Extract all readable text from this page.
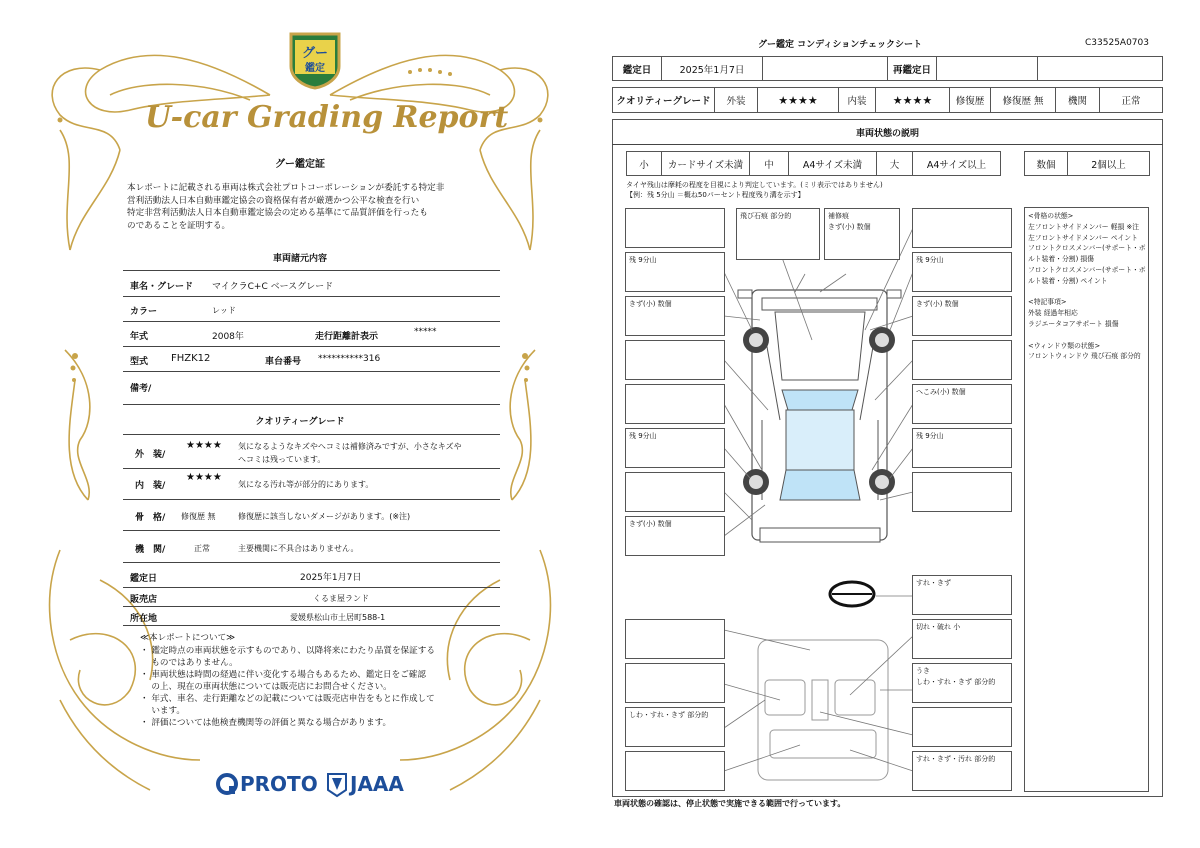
グー
鑑定
U-car Grading Report
グー鑑定証
本レポートに記載される車両は株式会社プロトコーポレーションが委託する特定非
営利活動法人日本自動車鑑定協会の資格保有者が厳選かつ公平な検査を行い
特定非営利活動法人日本自動車鑑定協会の定める基準にて品質評価を行ったも
のであることを証明する。
車両諸元内容
車名・グレード マイクラC+C ベースグレード
カラー	レッド
年式	2008年	走行距離計表示	*****
型式 FHZK12	車台番号 **********316
備考/
クオリティーグレード
外　装/
★★★★ 気になるようなキズやヘコミは補修済みですが、小さなキズや
ヘコミは残っています。
内　装/
★★★★
気になる汚れ等が部分的にあります。
骨　格/ 修復歴 無	修復歴に該当しないダメージがあります。(※注)
機　関/	正常	主要機関に不具合はありません。
鑑定日	2025年1月7日
販売店	くるま屋ランド
所在地	愛媛県松山市土居町588-1
≪本レポートについて≫
・ 鑑定時点の車両状態を示すものであり、以降将来にわたり品質を保証する
　 ものではありません。
・ 車両状態は時間の経過に伴い変化する場合もあるため、鑑定日をご確認
　 の上、現在の車両状態については販売店にお問合せください。
・ 年式、車名、走行距離などの記載については販売店申告をもとに作成して
　 います。
・ 評価については他検査機関等の評価と異なる場合があります。
PROTO JAAA
グー鑑定 コンディションチェックシート	C33525A0703
鑑定日	2025年1月7日	再鑑定日
クオリティーグレード	外装	★★★★	内装	★★★★	修復歴	修復歴 無	機関	正常
車両状態の説明
小	カードサイズ未満	中	A4サイズ未満	大	A4サイズ以上	数個	2個以上
タイヤ残山は摩耗の程度を目視により判定しています。(ミリ表示ではありません)
【例：残 5分山 ＝概ね50パーセント程度残り溝を示す】
残 9分山
きず(小) 数個
残 9分山
きず(小) 数個
飛び石痕 部分的	補修痕
きず(小) 数個
残 9分山
きず(小) 数個
へこみ(小) 数個
残 9分山
しわ・すれ・きず 部分的
すれ・きず
切れ・破れ 小
うき
しわ・すれ・きず 部分的
すれ・きず・汚れ 部分的
<骨格の状態>
左フロントサイドメンバー 軽損 ※注
左フロントサイドメンバー ペイント
フロントクロスメンバー(サポート・ボ
ルト装着・分割) 損傷
フロントクロスメンバー(サポート・ボ
ルト装着・分割) ペイント
<特記事項>
外装 経過年相応
ラジエータコアサポート 損傷
<ウィンドウ類の状態>
フロントウィンドウ 飛び石痕 部分的
車両状態の確認は、停止状態で実施できる範囲で行っています。
